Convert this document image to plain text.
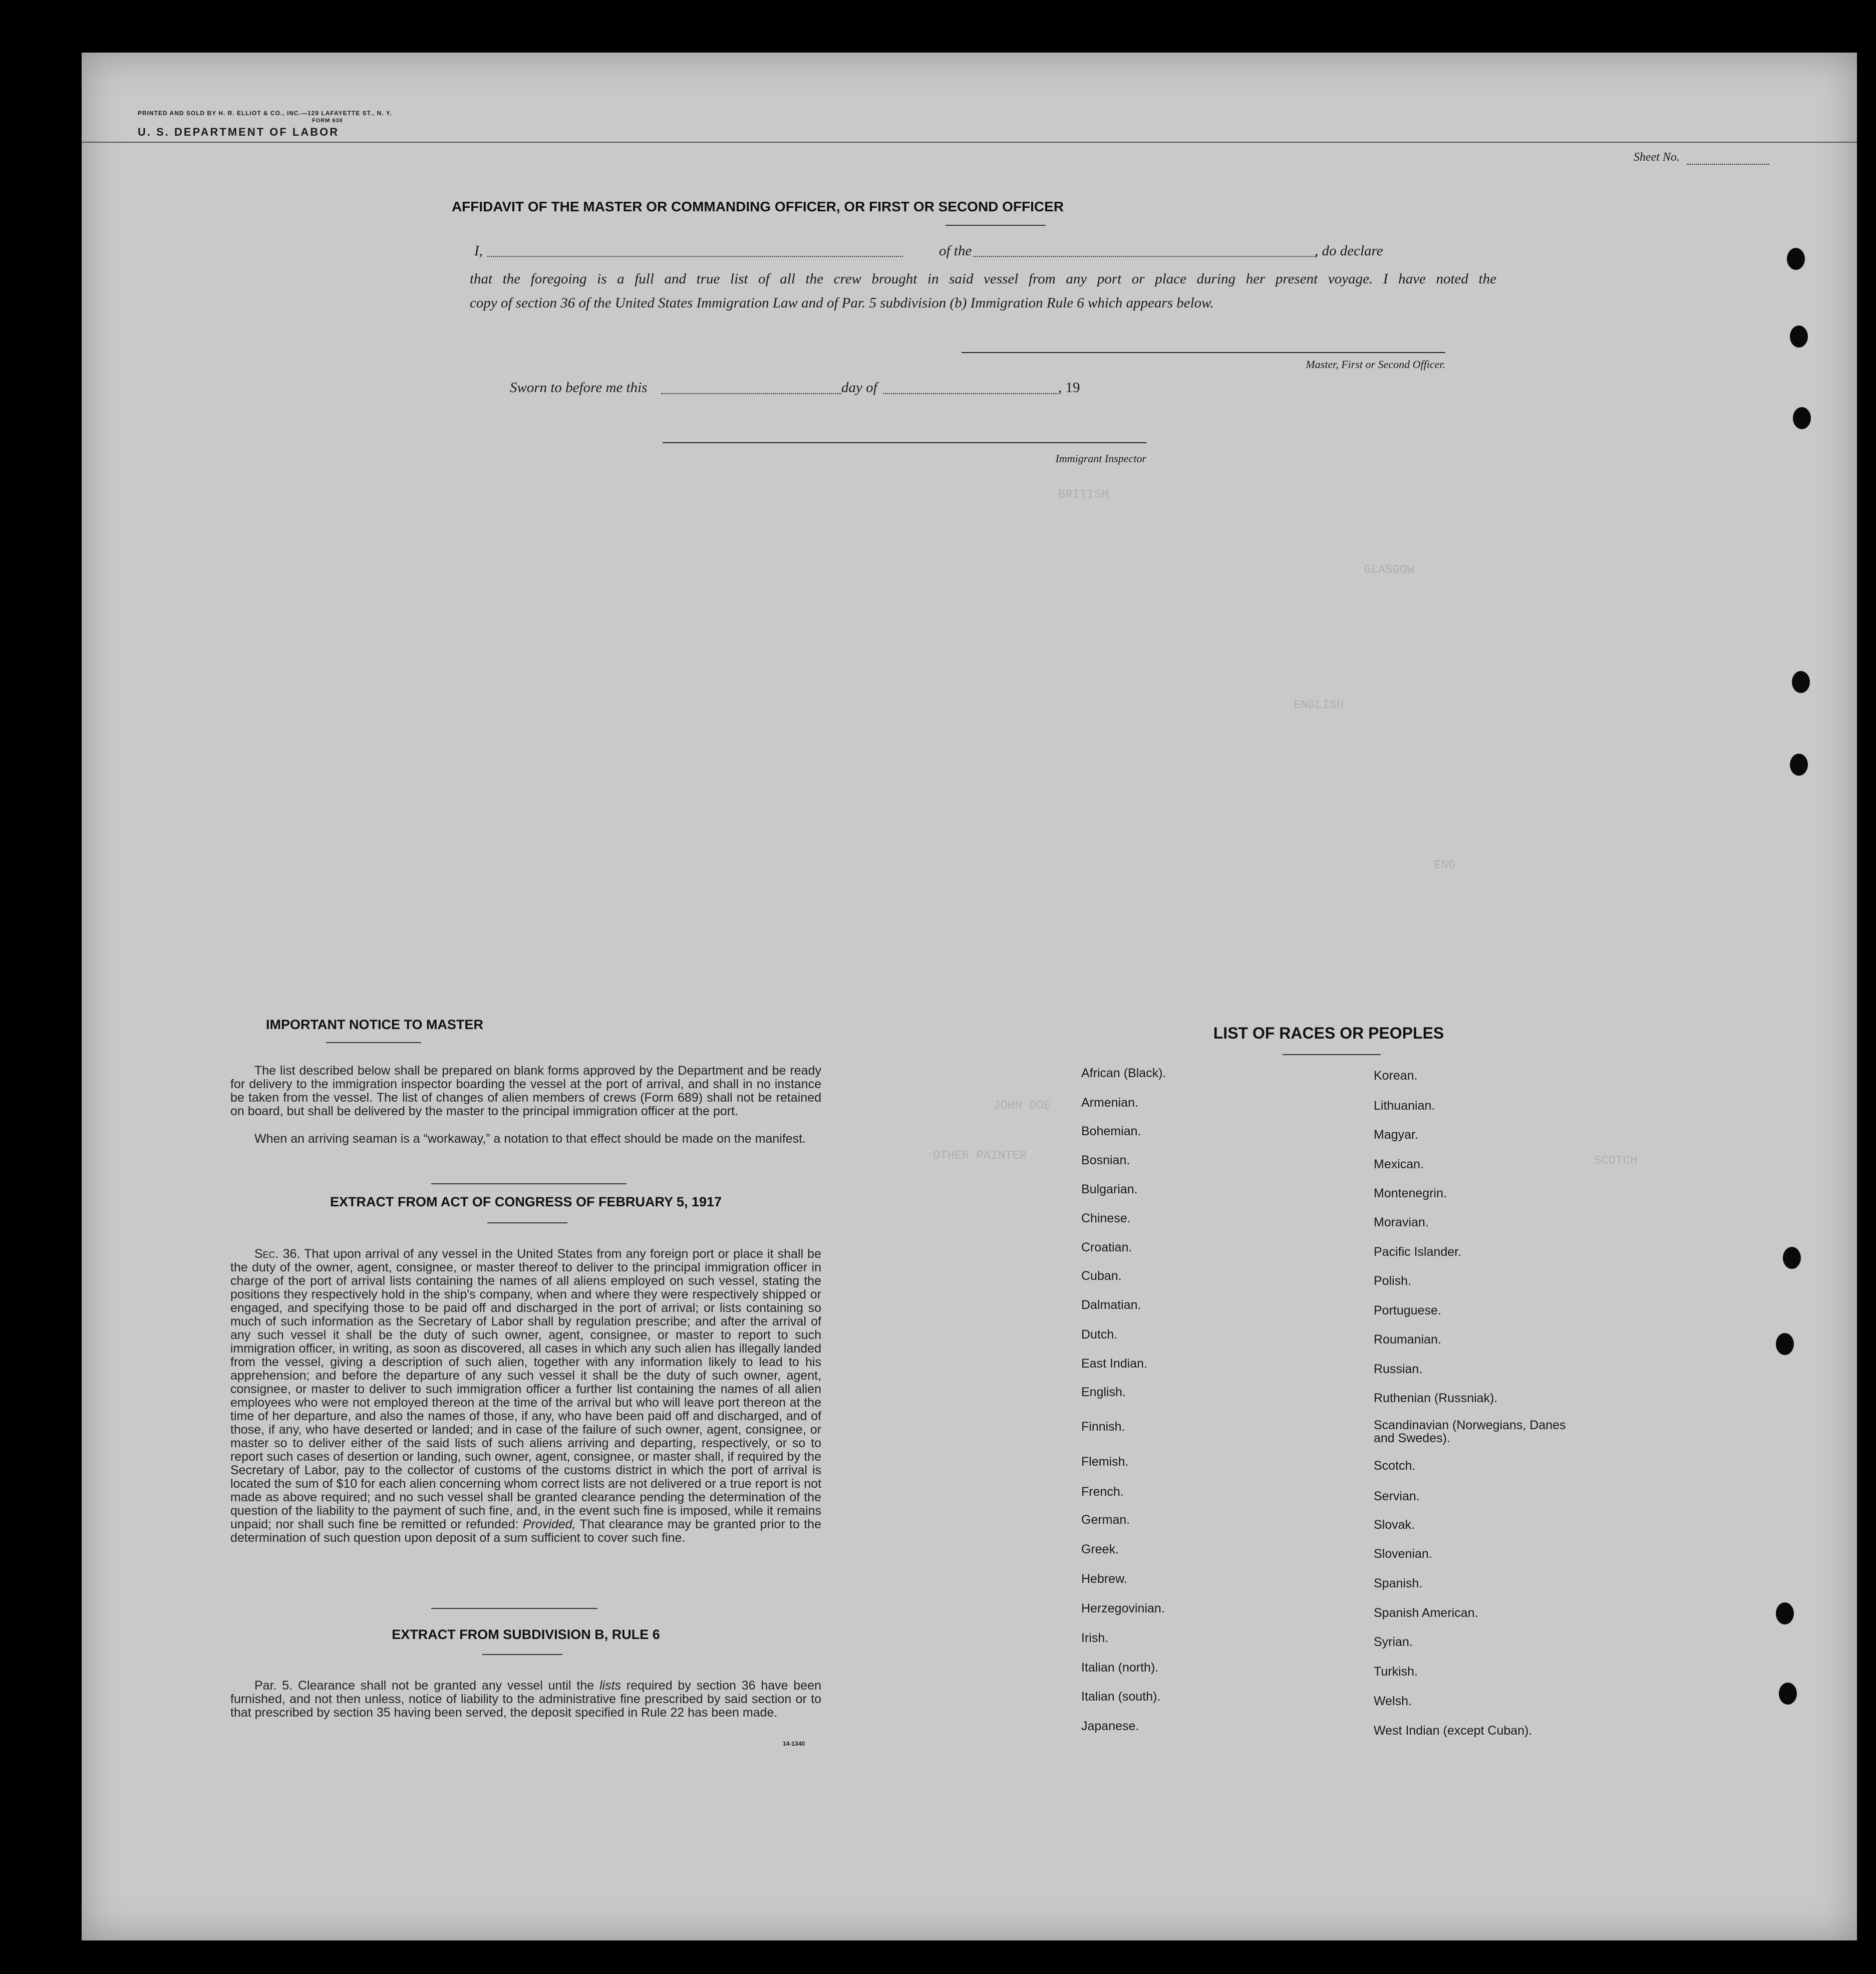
PRINTED AND SOLD BY H. R. ELLIOT & CO., INC.—129 LAFAYETTE ST., N. Y.
FORM 630
U. S. DEPARTMENT OF LABOR
Sheet No.
GLASGOW
OTHER PAINTER
BRITISH
ENGLISH
ENG
JOHN DOE
SCOTCH
AFFIDAVIT OF THE MASTER OR COMMANDING OFFICER, OR FIRST OR SECOND OFFICER
I,	of the	, do declare
that the foregoing is a full and true list of all the crew brought in said vessel from any port or place during her present voyage. I have noted the
copy of section 36 of the United States Immigration Law and of Par. 5 subdivision (b) Immigration Rule 6 which appears below.
Master, First or Second Officer.
Sworn to before me this	day of	, 19
Immigrant Inspector
IMPORTANT NOTICE TO MASTER
The list described below shall be prepared on blank forms approved by the Department and be ready for delivery to the immigration inspector boarding the vessel at the port of arrival, and shall in no instance be taken from the vessel. The list of changes of alien members of crews (Form 689) shall not be retained on board, but shall be delivered by the master to the principal immigration officer at the port.
When an arriving seaman is a “workaway,” a notation to that effect should be made on the manifest.
EXTRACT FROM ACT OF CONGRESS OF FEBRUARY 5, 1917
Sec. 36. That upon arrival of any vessel in the United States from any foreign port or place it shall be the duty of the owner, agent, consignee, or master thereof to deliver to the principal immigration officer in charge of the port of arrival lists containing the names of all aliens employed on such vessel, stating the positions they respectively hold in the ship's company, when and where they were respectively shipped or engaged, and specifying those to be paid off and discharged in the port of arrival; or lists containing so much of such information as the Secretary of Labor shall by regulation prescribe; and after the arrival of any such vessel it shall be the duty of such owner, agent, consignee, or master to report to such immigration officer, in writing, as soon as discovered, all cases in which any such alien has illegally landed from the vessel, giving a description of such alien, together with any information likely to lead to his apprehension; and before the departure of any such vessel it shall be the duty of such owner, agent, consignee, or master to deliver to such immigration officer a further list containing the names of all alien employees who were not employed thereon at the time of the arrival but who will leave port thereon at the time of her departure, and also the names of those, if any, who have been paid off and discharged, and of those, if any, who have deserted or landed; and in case of the failure of such owner, agent, consignee, or master so to deliver either of the said lists of such aliens arriving and departing, respectively, or so to report such cases of desertion or landing, such owner, agent, consignee, or master shall, if required by the Secretary of Labor, pay to the collector of customs of the customs district in which the port of arrival is located the sum of $10 for each alien concerning whom correct lists are not delivered or a true report is not made as above required; and no such vessel shall be granted clearance pending the determination of the question of the liability to the payment of such fine, and, in the event such fine is imposed, while it remains unpaid; nor shall such fine be remitted or refunded: Provided, That clearance may be granted prior to the determination of such question upon deposit of a sum sufficient to cover such fine.
EXTRACT FROM SUBDIVISION B, RULE 6
Par. 5. Clearance shall not be granted any vessel until the lists required by section 36 have been furnished, and not then unless, notice of liability to the administrative fine prescribed by said section or to that prescribed by section 35 having been served, the deposit specified in Rule 22 has been made.
14-1340
LIST OF RACES OR PEOPLES
African (Black).
Armenian.
Bohemian.
Bosnian.
Bulgarian.
Chinese.
Croatian.
Cuban.
Dalmatian.
Dutch.
East Indian.
English.
Finnish.
Flemish.
French.
German.
Greek.
Hebrew.
Herzegovinian.
Irish.
Italian (north).
Italian (south).
Japanese.
Korean.
Lithuanian.
Magyar.
Mexican.
Montenegrin.
Moravian.
Pacific Islander.
Polish.
Portuguese.
Roumanian.
Russian.
Ruthenian (Russniak).
Scandinavian (Norwegians, Danes and Swedes).
Scotch.
Servian.
Slovak.
Slovenian.
Spanish.
Spanish American.
Syrian.
Turkish.
Welsh.
West Indian (except Cuban).
